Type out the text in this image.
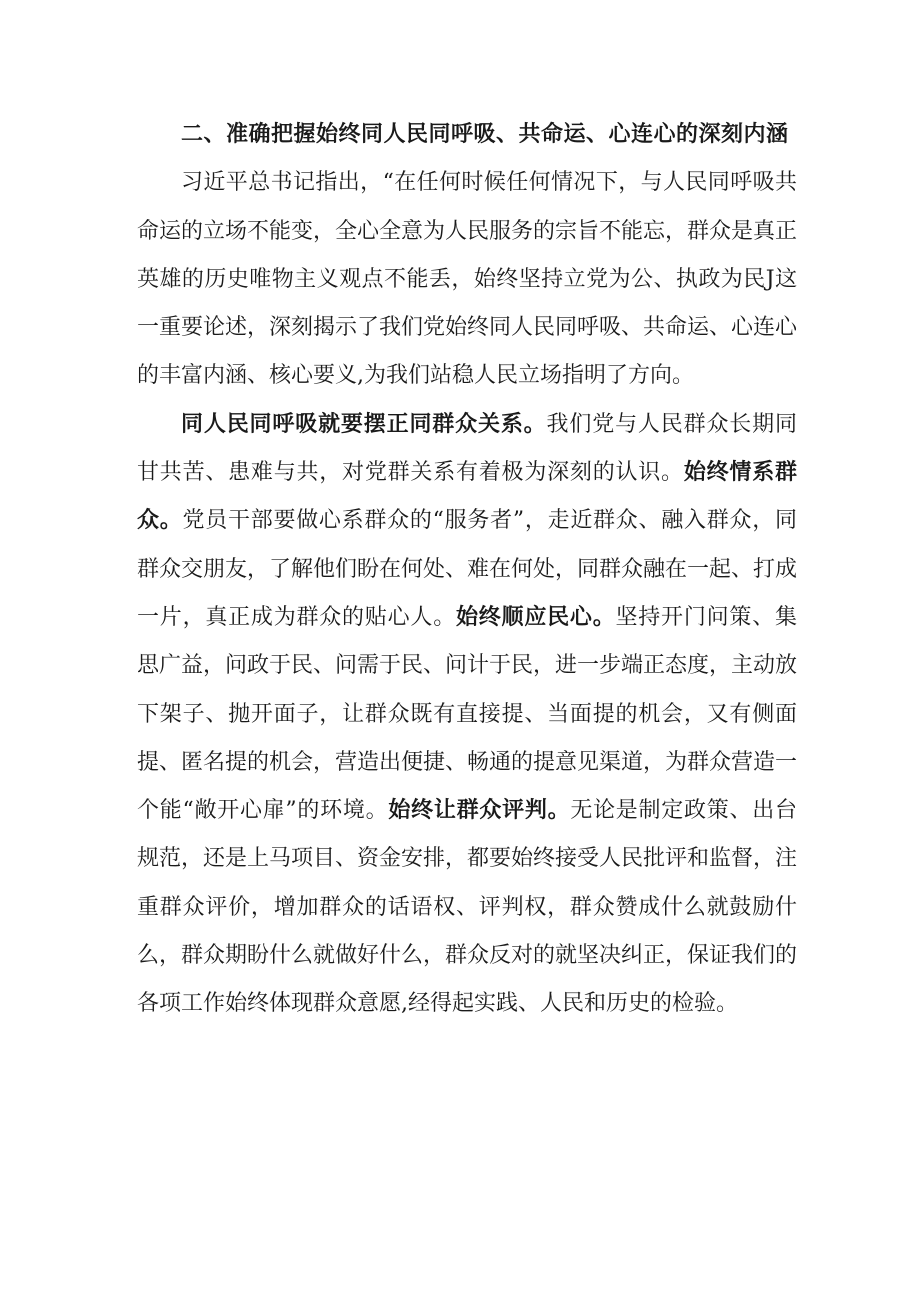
二、准确把握始终同人民同呼吸、共命运、心连心的深刻内涵

习近平总书记指出，“在任何时候任何情况下，与人民同呼吸共命运的立场不能变，全心全意为人民服务的宗旨不能忘，群众是真正英雄的历史唯物主义观点不能丢，始终坚持立党为公、执政为民J这一重要论述，深刻揭示了我们党始终同人民同呼吸、共命运、心连心的丰富内涵、核心要义,为我们站稳人民立场指明了方向。

同人民同呼吸就要摆正同群众关系。我们党与人民群众长期同甘共苦、患难与共，对党群关系有着极为深刻的认识。始终情系群众。党员干部要做心系群众的“服务者”，走近群众、融入群众，同群众交朋友，了解他们盼在何处、难在何处，同群众融在一起、打成一片，真正成为群众的贴心人。始终顺应民心。坚持开门问策、集思广益，问政于民、问需于民、问计于民，进一步端正态度，主动放下架子、抛开面子，让群众既有直接提、当面提的机会，又有侧面提、匿名提的机会，营造出便捷、畅通的提意见渠道，为群众营造一个能“敞开心扉”的环境。始终让群众评判。无论是制定政策、出台规范，还是上马项目、资金安排，都要始终接受人民批评和监督，注重群众评价，增加群众的话语权、评判权，群众赞成什么就鼓励什么，群众期盼什么就做好什么，群众反对的就坚决纠正，保证我们的各项工作始终体现群众意愿,经得起实践、人民和历史的检验。
